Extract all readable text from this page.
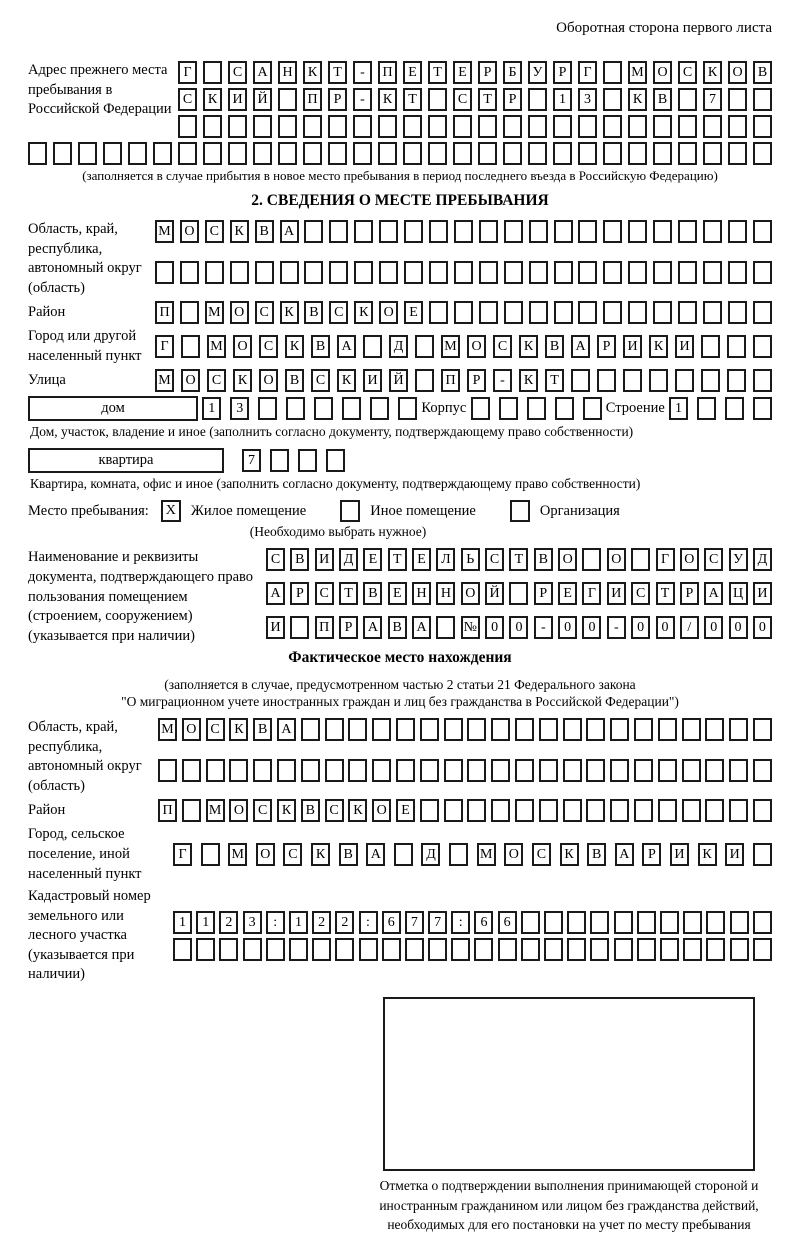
Оборотная сторона первого листа
Адрес прежнего места пребывания в Российской Федерации
Г	С	А	Н	К	Т	-	П	Е	Т	Е	Р	Б	У	Р	Г	М О	С	К	О	В
С	К	И	Й	П	Р	-	К	Т	С	Т	Р	1	3	К	В	7
(заполняется в случае прибытия в новое место пребывания в период последнего въезда в Российскую Федерацию)
2. СВЕДЕНИЯ О МЕСТЕ ПРЕБЫВАНИЯ
Область, край, республика, автономный округ (область)
М О	С	К	В	А
Район	П	М О	С	К	В	С	К	О	Е
Город или другой населенный пункт
Г	М	О	С	К	В	А	Д	М	О	С	К	В	А	Р	И	К	И
Улица	М	О	С	К	О	В	С	К	И	Й	П	Р	-	К	Т
дом	1	3	Корпус	Строение 1
Дом, участок, владение и иное (заполнить согласно документу, подтверждающему право собственности)
квартира	7
Квартира, комната, офис и иное (заполнить согласно документу, подтверждающему право собственности)
Место пребывания:	X	Жилое помещение	Иное помещение	Организация
(Необходимо выбрать нужное)
Наименование и реквизиты документа, подтверждающего право пользования помещением (строением, сооружением) (указывается при наличии)
С	В	И	Д	Е	Т	Е	Л	Ь	С	Т	В	О	О	Г	О	С	У	Д
А	Р	С	Т	В	Е	Н	Н	О	Й	Р	Е	Г	И	С	Т	Р	А	Ц	И
И	П	Р	А	В	А	№	0	0	-	0	0	-	0	0	/	0	0	0
Фактическое место нахождения
(заполняется в случае, предусмотренном частью 2 статьи 21 Федерального закона
"О миграционном учете иностранных граждан и лиц без гражданства в Российской Федерации")
Область, край, республика, автономный округ (область)
М О	С	К	В	А
Район	П	М О	С	К	В	С	К	О	Е
Город, сельское поселение, иной населенный пункт
Г	М	О	С	К	В	А	Д	М	О	С	К	В	А	Р	И	К	И
Кадастровый номер земельного или лесного участка (указывается при наличии)
1	1	2	3	:	1	2	2	:	6	7	7	:	6	6
Отметка о подтверждении выполнения принимающей стороной и иностранным гражданином или лицом без гражданства действий, необходимых для его постановки на учет по месту пребывания
